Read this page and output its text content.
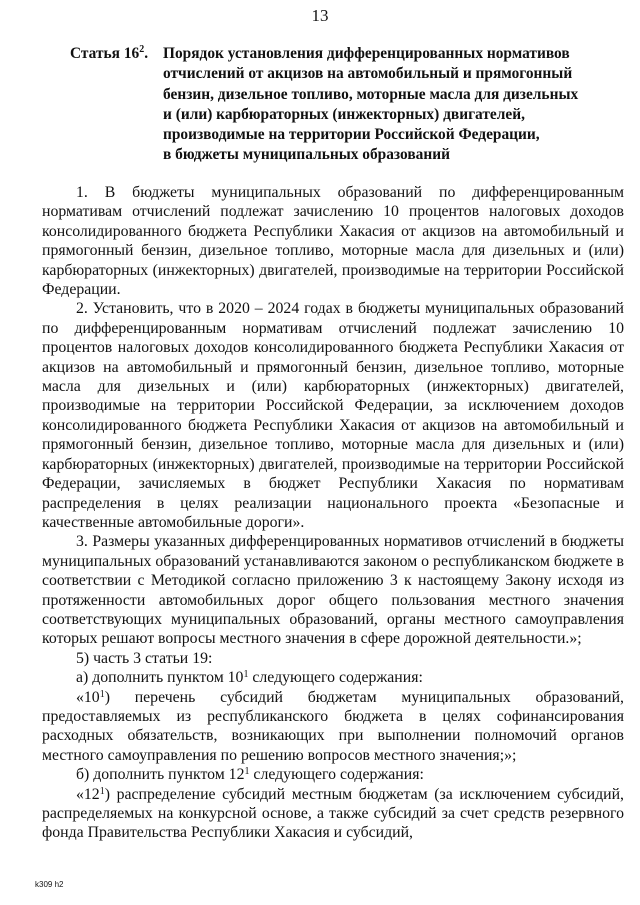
13
Статья $16^2$. Порядок установления дифференцированных нормативов
отчислений от акцизов на автомобильный и прямогонный
бензин, дизельное топливо, моторные масла для дизельных
и (или) карбюраторных (инжекторных) двигателей,
производимые на территории Российской Федерации,
в бюджеты муниципальных образований

1. В бюджеты муниципальных образований по дифференцированным нормативам отчислений подлежат зачислению 10 процентов налоговых доходов консолидированного бюджета Республики Хакасия от акцизов на автомобильный и прямогонный бензин, дизельное топливо, моторные масла для дизельных и (или) карбюраторных (инжекторных) двигателей, производимые на территории Российской Федерации.

2. Установить, что в 2020 – 2024 годах в бюджеты муниципальных образований по дифференцированным нормативам отчислений подлежат зачислению 10 процентов налоговых доходов консолидированного бюджета Республики Хакасия от акцизов на автомобильный и прямогонный бензин, дизельное топливо, моторные масла для дизельных и (или) карбюраторных (инжекторных) двигателей, производимые на территории Российской Федерации, за исключением доходов консолидированного бюджета Республики Хакасия от акцизов на автомобильный и прямогонный бензин, дизельное топливо, моторные масла для дизельных и (или) карбюраторных (инжекторных) двигателей, производимые на территории Российской Федерации, зачисляемых в бюджет Республики Хакасия по нормативам распределения в целях реализации национального проекта «Безопасные и качественные автомобильные дороги».

3. Размеры указанных дифференцированных нормативов отчислений в бюджеты муниципальных образований устанавливаются законом о республиканском бюджете в соответствии с Методикой согласно приложению 3 к настоящему Закону исходя из протяженности автомобильных дорог общего пользования местного значения соответствующих муниципальных образований, органы местного самоуправления которых решают вопросы местного значения в сфере дорожной деятельности.»;

5) часть 3 статьи 19:

а) дополнить пунктом $10^1$ следующего содержания:

«$10^1$) перечень субсидий бюджетам муниципальных образований, предоставляемых из республиканского бюджета в целях софинансирования расходных обязательств, возникающих при выполнении полномочий органов местного самоуправления по решению вопросов местного значения;»;

б) дополнить пунктом $12^1$ следующего содержания:

«$12^1$) распределение субсидий местным бюджетам (за исключением субсидий, распределяемых на конкурсной основе, а также субсидий за счет средств резервного фонда Правительства Республики Хакасия и субсидий,

k309 h2
